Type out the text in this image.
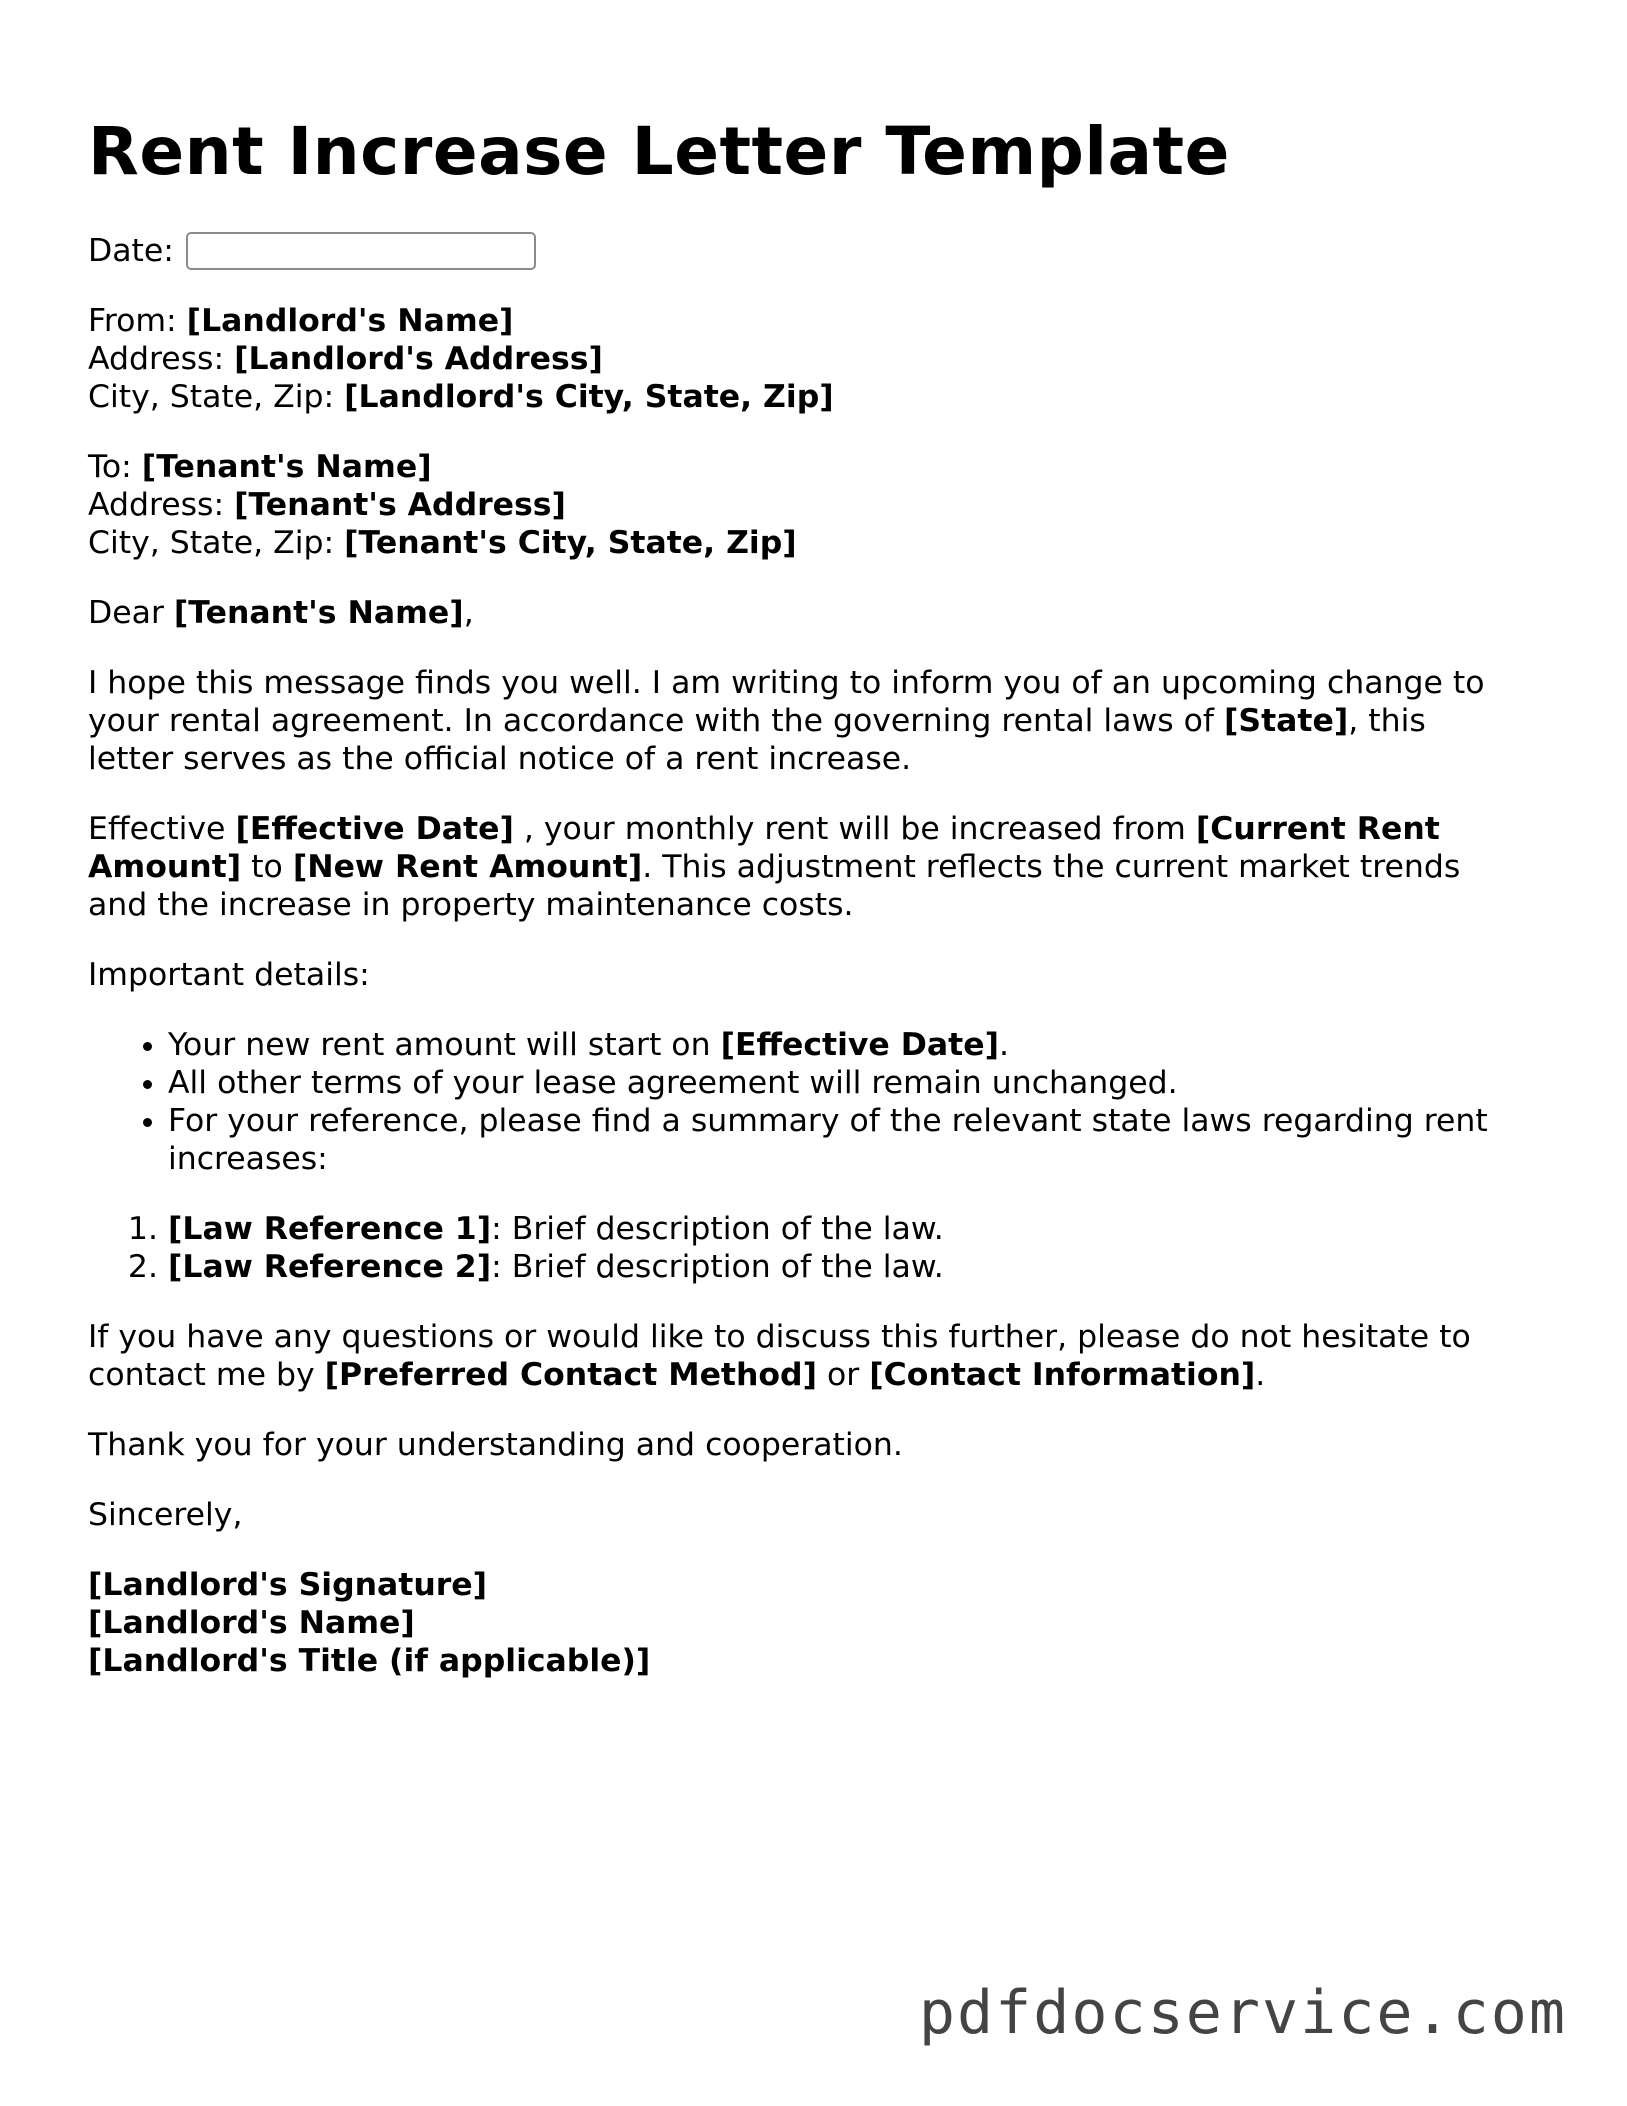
Rent Increase Letter Template
Date:
From: [Landlord's Name]
Address: [Landlord's Address]
City, State, Zip: [Landlord's City, State, Zip]
To: [Tenant's Name]
Address: [Tenant's Address]
City, State, Zip: [Tenant's City, State, Zip]

Dear [Tenant's Name],

I hope this message finds you well. I am writing to inform you of an upcoming change to your rental agreement. In accordance with the governing rental laws of [State], this letter serves as the official notice of a rent increase.

Effective [Effective Date] , your monthly rent will be increased from [Current Rent Amount] to [New Rent Amount]. This adjustment reflects the current market trends and the increase in property maintenance costs.

Important details:

• Your new rent amount will start on [Effective Date].
• All other terms of your lease agreement will remain unchanged.
• For your reference, please find a summary of the relevant state laws regarding rent increases:
1. [Law Reference 1]: Brief description of the law.
2. [Law Reference 2]: Brief description of the law.

If you have any questions or would like to discuss this further, please do not hesitate to contact me by [Preferred Contact Method] or [Contact Information].

Thank you for your understanding and cooperation.

Sincerely,

[Landlord's Signature]
[Landlord's Name]
[Landlord's Title (if applicable)]
pdfdocservice.com
